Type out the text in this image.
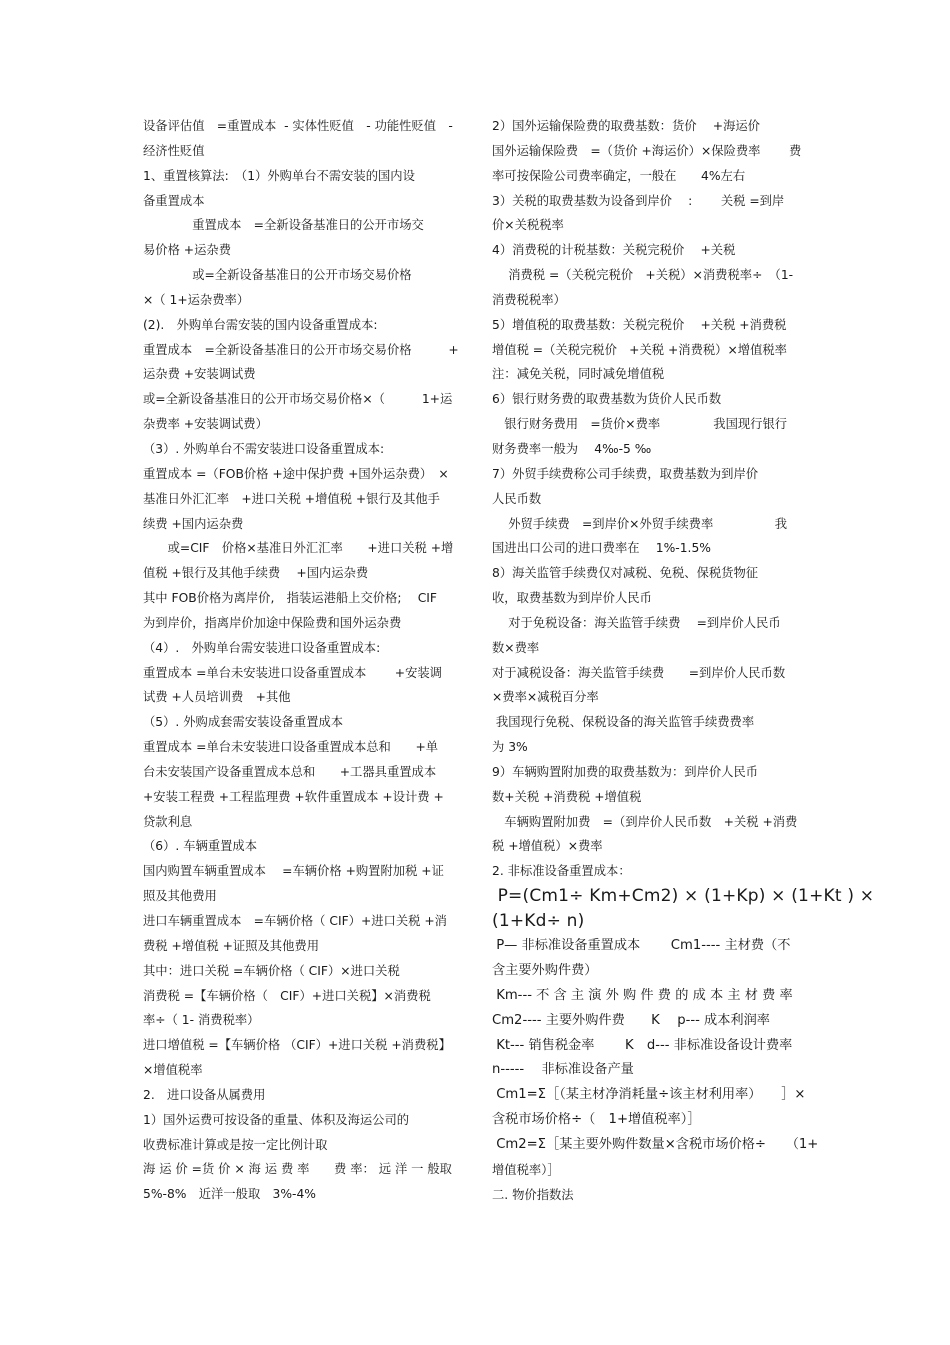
设备评估值　=重置成本  - 实体性贬值　- 功能性贬值　-
经济性贬值
1、重置核算法:　（1）外购单台不需安装的国内设
备重置成本
　　　　重置成本　=全新设备基准日的公开市场交
易价格 +运杂费
　　　　或=全新设备基准日的公开市场交易价格
×（ 1+运杂费率）
(2).　外购单台需安装的国内设备重置成本:
重置成本　=全新设备基准日的公开市场交易价格　　　+
运杂费 +安装调试费
或=全新设备基准日的公开市场交易价格×（　　　1+运
杂费率 +安装调试费）
（3）. 外购单台不需安装进口设备重置成本:
重置成本 =（FOB价格 +途中保护费 +国外运杂费）　×
基准日外汇汇率　+进口关税 +增值税 +银行及其他手
续费 +国内运杂费
　　或=CIF　价格×基准日外汇汇率　　+进口关税 +增
值税 +银行及其他手续费　 +国内运杂费
其中 FOB价格为离岸价,　指装运港船上交价格;　 CIF
为到岸价，指离岸价加途中保险费和国外运杂费
（4）.　外购单台需安装进口设备重置成本:
重置成本 =单台未安装进口设备重置成本　　 +安装调
试费 +人员培训费　+其他
（5）. 外购成套需安装设备重置成本
重置成本 =单台未安装进口设备重置成本总和　　+单
台未安装国产设备重置成本总和　　+工器具重置成本
+安装工程费 +工程监理费 +软件重置成本 +设计费 +
贷款利息
（6）. 车辆重置成本
国内购置车辆重置成本　 =车辆价格 +购置附加税 +证
照及其他费用
进口车辆重置成本　=车辆价格（ CIF）+进口关税 +消
费税 +增值税 +证照及其他费用
其中：进口关税 =车辆价格（ CIF）×进口关税
消费税 =【车辆价格（　CIF）+进口关税】×消费税
率÷（ 1- 消费税率）
进口增值税 =【车辆价格 （CIF）+进口关税 +消费税】
×增值税率
2.　进口设备从属费用
1）国外运费可按设备的重量、体积及海运公司的
收费标准计算或是按一定比例计取
海 运 价 =货 价 × 海 运 费 率　　费 率： 远 洋 一 般取
5%-8%　近洋一般取　3%-4%
2）国外运输保险费的取费基数：货价　 +海运价
国外运输保险费　=（货价 +海运价）×保险费率　　 费
率可按保险公司费率确定，一般在　　4%左右
3）关税的取费基数为设备到岸价　 :　　 关税 =到岸
价×关税税率
4）消费税的计税基数：关税完税价　 +关税
　 消费税 =（关税完税价　+关税）×消费税率÷　（1-
消费税税率）
5）增值税的取费基数：关税完税价　 +关税 +消费税
增值税 =（关税完税价　+关税 +消费税）×增值税率
注：减免关税，同时减免增值税
6）银行财务费的取费基数为货价人民币数
　银行财务费用　=货价×费率　　　　 我国现行银行
财务费率一般为　 4‰-5 ‰
7）外贸手续费称公司手续费，取费基数为到岸价
人民币数
　 外贸手续费　=到岸价×外贸手续费率　　　　　我
国进出口公司的进口费率在　 1%-1.5%
8）海关监管手续费仅对减税、免税、保税货物征
收，取费基数为到岸价人民币
　 对于免税设备：海关监管手续费　 =到岸价人民币
数×费率
对于减税设备：海关监管手续费　　=到岸价人民币数
×费率×减税百分率
我国现行免税、保税设备的海关监管手续费费率
为 3%
9）车辆购置附加费的取费基数为：到岸价人民币
数+关税 +消费税 +增值税
　车辆购置附加费　=（到岸价人民币数　+关税 +消费
税 +增值税）×费率
2. 非标准设备重置成本：
P=(Cm1÷ Km+Cm2) × (1+Kp) × (1+Kt ) ×
(1+Kd÷ n)
P— 非标准设备重置成本　　 Cm1---- 主材费（不
含主要外购件费）
Km--- 不 含 主 演 外 购 件 费 的 成 本 主 材 费 率
Cm2---- 主要外购件费　　K　 p--- 成本利润率
Kt--- 销售税金率　　 K　d--- 非标准设备设计费率
n----- 　非标准设备产量
Cm1=Σ［（某主材净消耗量÷该主材利用率）　　］×
含税市场价格÷（　1+增值税率）］
Cm2=Σ［某主要外购件数量×含税市场价格÷　　（1+
增值税率）］
二. 物价指数法
